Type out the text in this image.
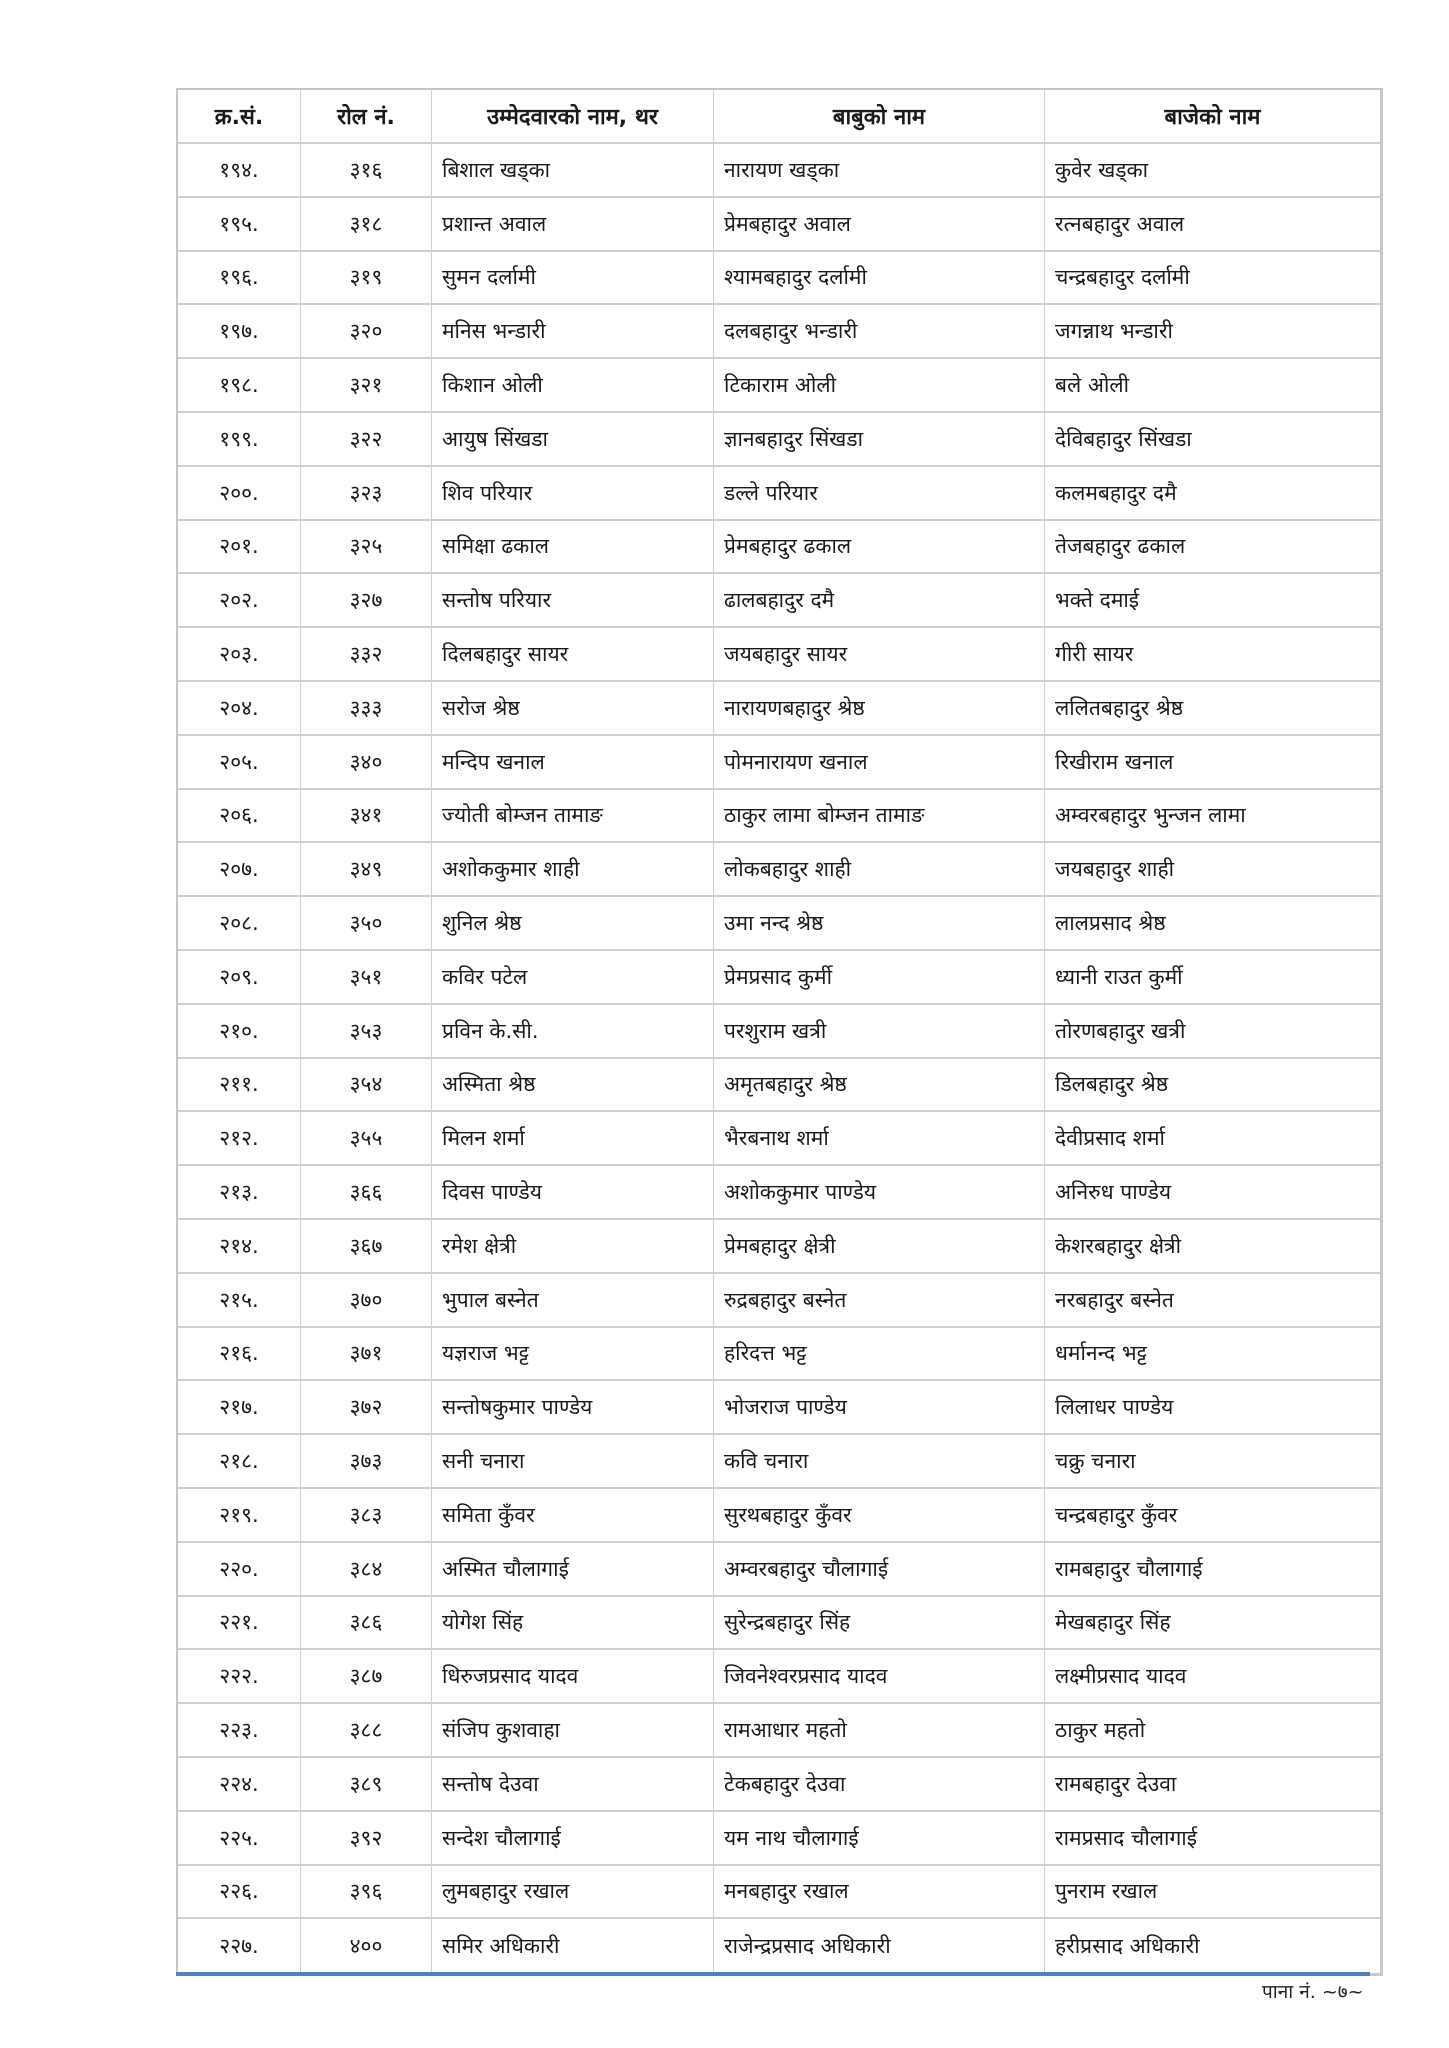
क्र.सं.	रोल नं.	उम्मेदवारको नाम, थर	बाबुको नाम	बाजेको नाम
१९४.	३१६	बिशाल खड्का	नारायण खड्का	कुवेर खड्का
१९५.	३१८	प्रशान्त अवाल	प्रेमबहादुर अवाल	रत्नबहादुर अवाल
१९६.	३१९	सुमन दर्लामी	श्यामबहादुर दर्लामी	चन्द्रबहादुर दर्लामी
१९७.	३२०	मनिस भन्डारी	दलबहादुर भन्डारी	जगन्नाथ भन्डारी
१९८.	३२१	किशान ओली	टिकाराम ओली	बले ओली
१९९.	३२२	आयुष सिंखडा	ज्ञानबहादुर सिंखडा	देविबहादुर सिंखडा
२००.	३२३	शिव परियार	डल्ले परियार	कलमबहादुर दमै
२०१.	३२५	समिक्षा ढकाल	प्रेमबहादुर ढकाल	तेजबहादुर ढकाल
२०२.	३२७	सन्तोष परियार	ढालबहादुर दमै	भक्ते दमाई
२०३.	३३२	दिलबहादुर सायर	जयबहादुर सायर	गीरी सायर
२०४.	३३३	सरोज श्रेष्ठ	नारायणबहादुर श्रेष्ठ	ललितबहादुर श्रेष्ठ
२०५.	३४०	मन्दिप खनाल	पोमनारायण खनाल	रिखीराम खनाल
२०६.	३४१	ज्योती बोम्जन तामाङ	ठाकुर लामा बोम्जन तामाङ	अम्वरबहादुर भुन्जन लामा
२०७.	३४९	अशोककुमार शाही	लोकबहादुर शाही	जयबहादुर शाही
२०८.	३५०	शुनिल श्रेष्ठ	उमा नन्द श्रेष्ठ	लालप्रसाद श्रेष्ठ
२०९.	३५१	कविर पटेल	प्रेमप्रसाद कुर्मी	ध्यानी राउत कुर्मी
२१०.	३५३	प्रविन के.सी.	परशुराम खत्री	तोरणबहादुर खत्री
२११.	३५४	अस्मिता श्रेष्ठ	अमृतबहादुर श्रेष्ठ	डिलबहादुर श्रेष्ठ
२१२.	३५५	मिलन शर्मा	भैरबनाथ शर्मा	देवीप्रसाद शर्मा
२१३.	३६६	दिवस पाण्डेय	अशोककुमार पाण्डेय	अनिरुध पाण्डेय
२१४.	३६७	रमेश क्षेत्री	प्रेमबहादुर क्षेत्री	केशरबहादुर क्षेत्री
२१५.	३७०	भुपाल बस्नेत	रुद्रबहादुर बस्नेत	नरबहादुर बस्नेत
२१६.	३७१	यज्ञराज भट्ट	हरिदत्त भट्ट	धर्मानन्द भट्ट
२१७.	३७२	सन्तोषकुमार पाण्डेय	भोजराज पाण्डेय	लिलाधर पाण्डेय
२१८.	३७३	सनी चनारा	कवि चनारा	चक्रु चनारा
२१९.	३८३	समिता कुँवर	सुरथबहादुर कुँवर	चन्द्रबहादुर कुँवर
२२०.	३८४	अस्मित चौलागाई	अम्वरबहादुर चौलागाई	रामबहादुर चौलागाई
२२१.	३८६	योगेश सिंह	सुरेन्द्रबहादुर सिंह	मेखबहादुर सिंह
२२२.	३८७	धिरुजप्रसाद यादव	जिवनेश्वरप्रसाद यादव	लक्ष्मीप्रसाद यादव
२२३.	३८८	संजिप कुशवाहा	रामआधार महतो	ठाकुर महतो
२२४.	३८९	सन्तोष देउवा	टेकबहादुर देउवा	रामबहादुर देउवा
२२५.	३९२	सन्देश चौलागाई	यम नाथ चौलागाई	रामप्रसाद चौलागाई
२२६.	३९६	लुमबहादुर रखाल	मनबहादुर रखाल	पुनराम रखाल
२२७.	४००	समिर अधिकारी	राजेन्द्रप्रसाद अधिकारी	हरीप्रसाद अधिकारी
पाना नं. ~७~
